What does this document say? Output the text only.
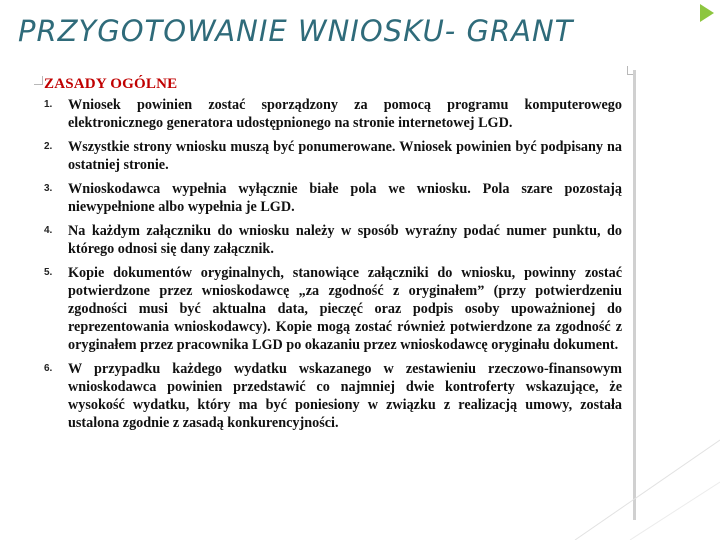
PRZYGOTOWANIE WNIOSKU- GRANT
ZASADY OGÓLNE
1. Wniosek powinien zostać sporządzony za pomocą programu komputerowego elektronicznego generatora udostępnionego na stronie internetowej LGD.
2. Wszystkie strony wniosku muszą być ponumerowane. Wniosek powinien być podpisany na ostatniej stronie.
3. Wnioskodawca wypełnia wyłącznie białe pola we wniosku. Pola szare pozostają niewypełnione albo wypełnia je LGD.
4. Na każdym załączniku do wniosku należy w sposób wyraźny podać numer punktu, do którego odnosi się dany załącznik.
5. Kopie dokumentów oryginalnych, stanowiące załączniki do wniosku, powinny zostać potwierdzone przez wnioskodawcę „za zgodność z oryginałem” (przy potwierdzeniu zgodności musi być aktualna data, pieczęć oraz podpis osoby upoważnionej do reprezentowania wnioskodawcy). Kopie mogą zostać również potwierdzone za zgodność z oryginałem przez pracownika LGD po okazaniu przez wnioskodawcę oryginału dokument.
6. W przypadku każdego wydatku wskazanego w zestawieniu rzeczowo-finansowym wnioskodawca powinien przedstawić co najmniej dwie kontroferty wskazujące, że wysokość wydatku, który ma być poniesiony w związku z realizacją umowy, została ustalona zgodnie z zasadą konkurencyjności.
